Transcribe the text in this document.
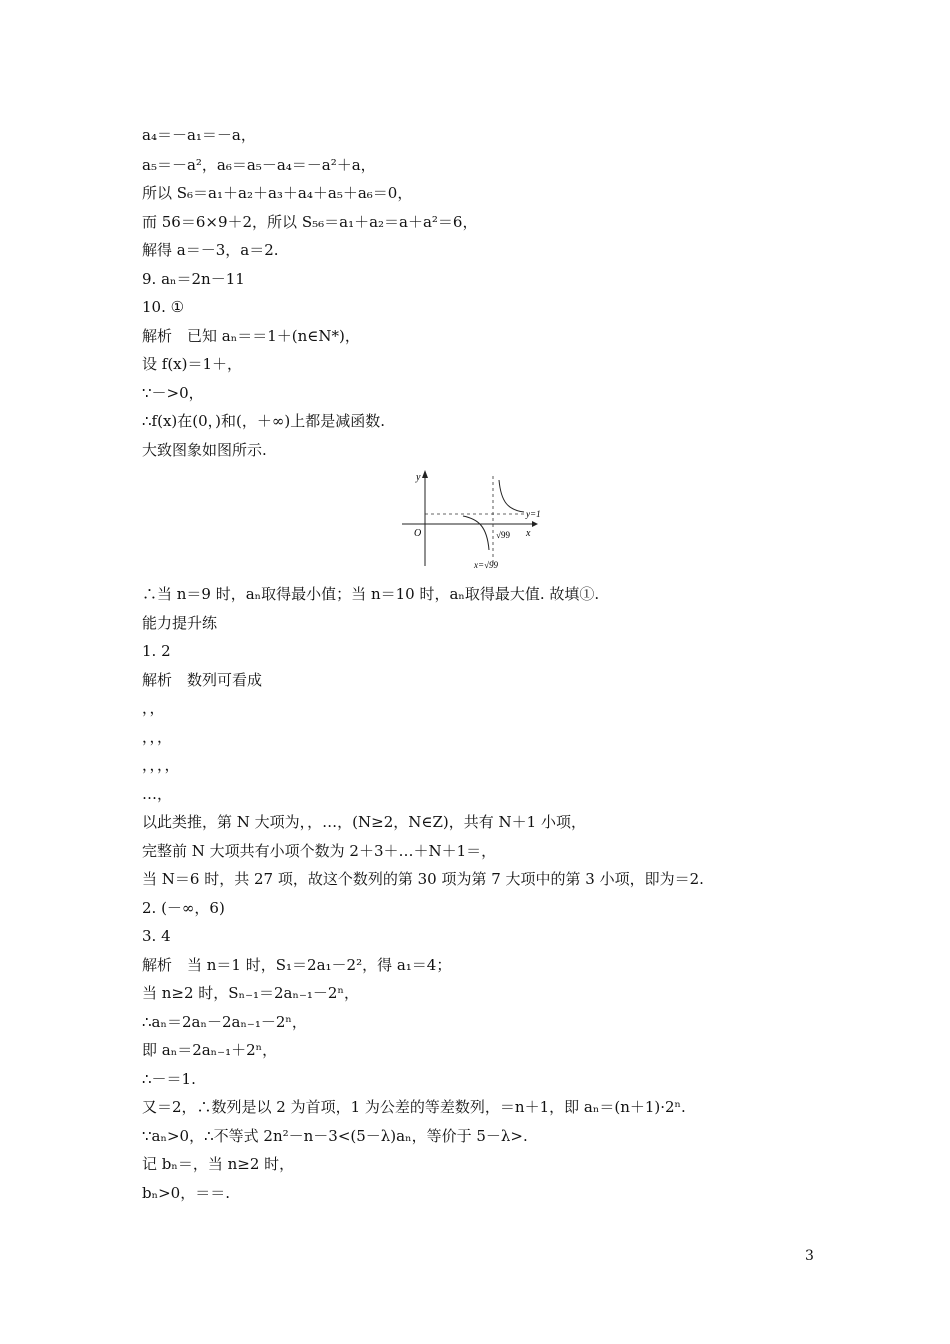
a₄＝－a₁＝－a，
a₅＝－a²，a₆＝a₅－a₄＝－a²＋a，
所以 S₆＝a₁＋a₂＋a₃＋a₄＋a₅＋a₆＝0，
而 56＝6×9＋2，所以 S₅₆＝a₁＋a₂＝a＋a²＝6，
解得 a＝－3，a＝2.
9. aₙ＝2n－11
10. ①
解析　已知 aₙ＝＝1＋(n∈N*)，
设 f(x)＝1＋，
∵－>0，
∴f(x)在(0，)和(，＋∞)上都是减函数.
大致图象如图所示.
y
x
O
y=1
√99
x=√99
∴当 n＝9 时，aₙ取得最小值；当 n＝10 时，aₙ取得最大值. 故填①.
能力提升练
1. 2
解析　数列可看成
，，
，，，
，，，，
…，
以此类推，第 N 大项为，，…，(N≥2，N∈Z)，共有 N＋1 小项，
完整前 N 大项共有小项个数为 2＋3＋…＋N＋1＝，
当 N＝6 时，共 27 项，故这个数列的第 30 项为第 7 大项中的第 3 小项，即为＝2.
2. (－∞，6)
3. 4
解析　当 n＝1 时，S₁＝2a₁－2²，得 a₁＝4；
当 n≥2 时，Sₙ₋₁＝2aₙ₋₁－2ⁿ，
∴aₙ＝2aₙ－2aₙ₋₁－2ⁿ，
即 aₙ＝2aₙ₋₁＋2ⁿ，
∴－＝1.
又＝2，∴数列是以 2 为首项，1 为公差的等差数列，＝n＋1，即 aₙ＝(n＋1)·2ⁿ.
∵aₙ>0，∴不等式 2n²－n－3<(5－λ)aₙ，等价于 5－λ>.
记 bₙ＝，当 n≥2 时，
bₙ>0，＝＝.
3
